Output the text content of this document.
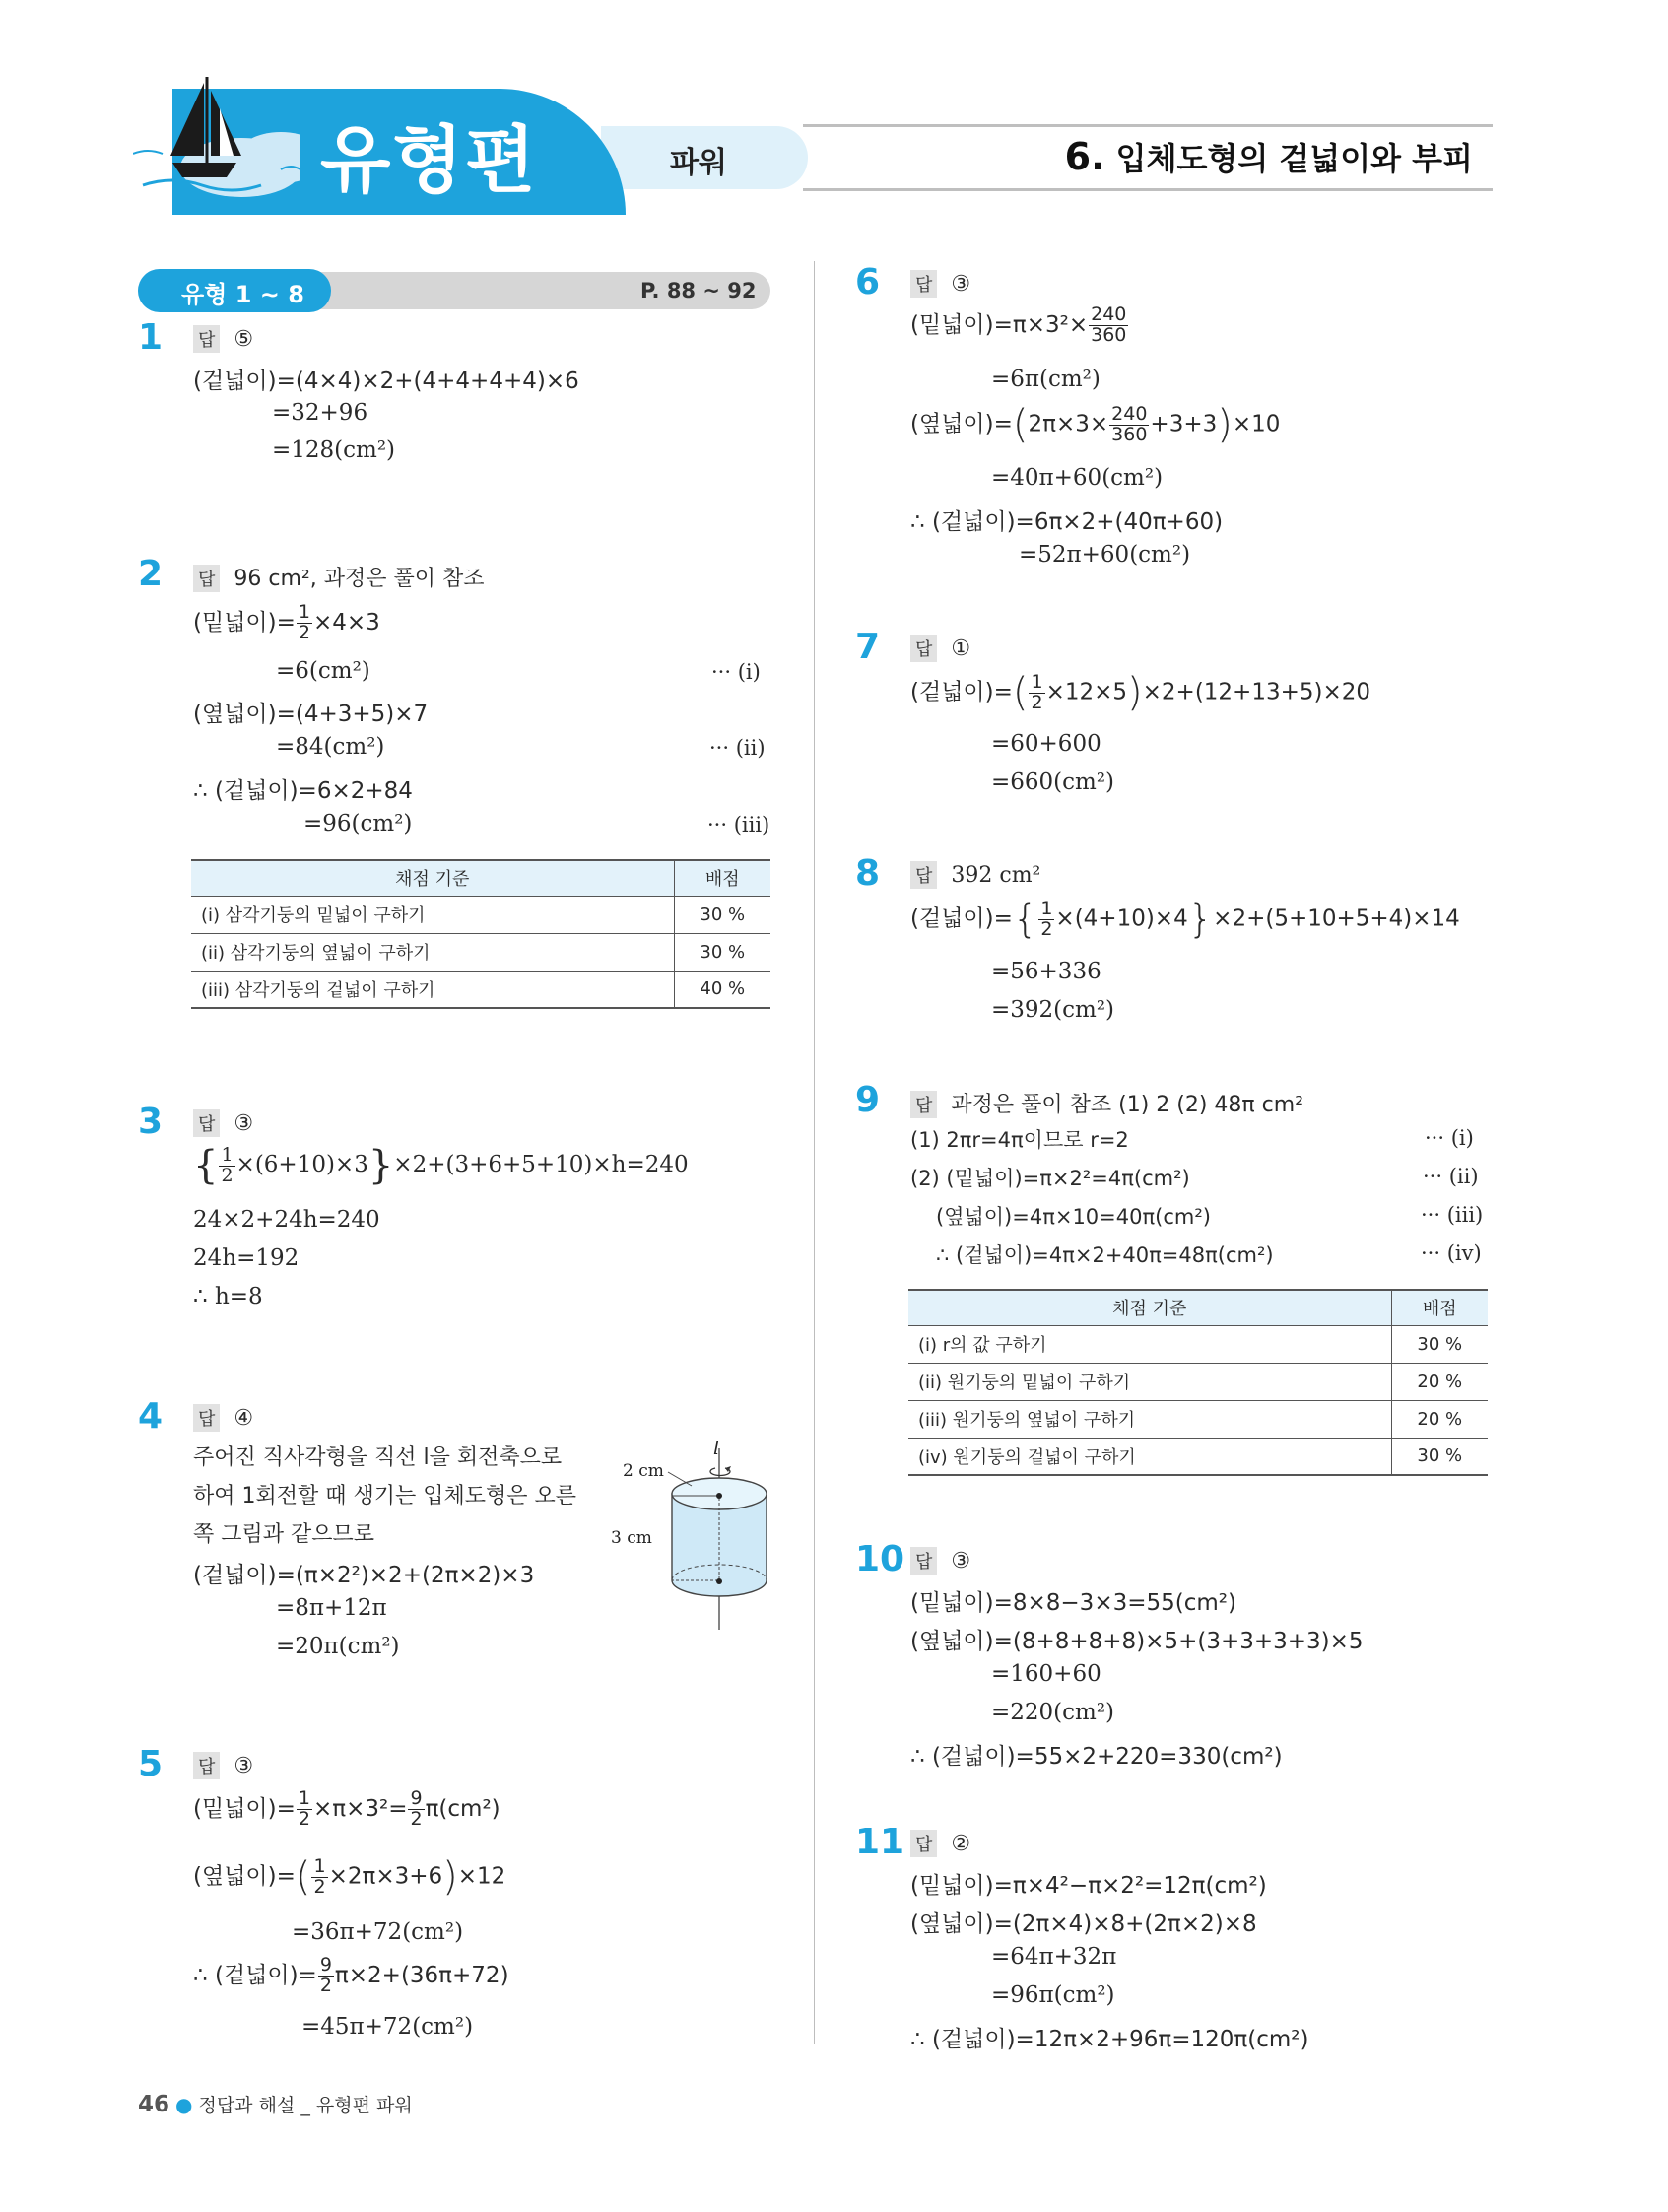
파워
유형편	6. 입체도형의 겉넓이와 부피
유형 1 ~ 8	P. 88 ~ 92
1 답 ⑤
(겉넓이)=(4×4)×2+(4+4+4+4)×6
=32+96
=128(cm²)
2 답 96 cm², 과정은 풀이 참조
(밑넓이)= $\frac{1}{2} \times 4\times 3$
=6(cm²)
(옆넓이)=(4+3+5)×7
=84(cm²)
∴ (겉넓이)=6×2+84
=96(cm²)
··· (i)
··· (ii)
··· (iii)
채점 기준	배점
(i) 삼각기둥의 밑넓이 구하기	30 %
(ii) 삼각기둥의 옆넓이 구하기	30 %
(iii) 삼각기둥의 겉넓이 구하기	40 %
3 답 ③
{ $\frac{1}{2} \times(6+10)\times 3\}\times 2+(3+6+5+10)\times h=240$
24×2+24h=240
24h=192
∴ h=8
4 답 ④
주어진 직사각형을 직선 l을 회전축으로
하여 1회전할 때 생기는 입체도형은 오른
쪽 그림과 같으므로
(겉넓이)=(π×2²)×2+(2π×2)×3
=8π+12π
=20π(cm²)
l
2 cm
3 cm
5 답 ③
(밑넓이)= $\frac{1}{2} \times\pi\times 3^2= \frac{9}{2} \pi(cm^2)$
(옆넓이)=( $\frac{1}{2} \times 2\pi\times 3+6)\times 12$
=36π+72(cm²)
∴ (겉넓이)= $\frac{9}{2} \pi\times 2+(36\pi+72)$
=45π+72(cm²)
6 답 ③
(밑넓이)$=\pi\times 3^2\times \frac{240}{360}$
=6π(cm²)
(옆넓이)$=(2\pi\times 3\times \frac{240}{360} +3+3)\times 10$
=40π+60(cm²)
∴ (겉넓이)=6π×2+(40π+60)
=52π+60(cm²)
7 답 ①
(겉넓이)=( $\frac{1}{2} \times 12\times 5)\times 2+(12+13+5)\times 20$
=60+600
=660(cm²)
8 답 392 cm²
(겉넓이)={ $\frac{1}{2} \times(4+10)\times 4\}\times 2+(5+10+5+4)\times 14$
=56+336
=392(cm²)
9 답 과정은 풀이 참조 (1) 2 (2) 48π cm²
(1) 2πr=4π이므로 r=2
(2) (밑넓이)=π×2²=4π(cm²)
(옆넓이)=4π×10=40π(cm²)
∴ (겉넓이)=4π×2+40π=48π(cm²)
··· (i)
··· (ii)
··· (iii)
··· (iv)
채점 기준	배점
(i) r의 값 구하기	30 %
(ii) 원기둥의 밑넓이 구하기	20 %
(iii) 원기둥의 옆넓이 구하기	20 %
(iv) 원기둥의 겉넓이 구하기	30 %
10 답 ③
(밑넓이)=8×8−3×3=55(cm²)
(옆넓이)=(8+8+8+8)×5+(3+3+3+3)×5
=160+60
=220(cm²)
∴ (겉넓이)=55×2+220=330(cm²)
11 답 ②
(밑넓이)=π×4²−π×2²=12π(cm²)
(옆넓이)=(2π×4)×8+(2π×2)×8
=64π+32π
=96π(cm²)
∴ (겉넓이)=12π×2+96π=120π(cm²)
46 ● 정답과 해설 _ 유형편 파워
